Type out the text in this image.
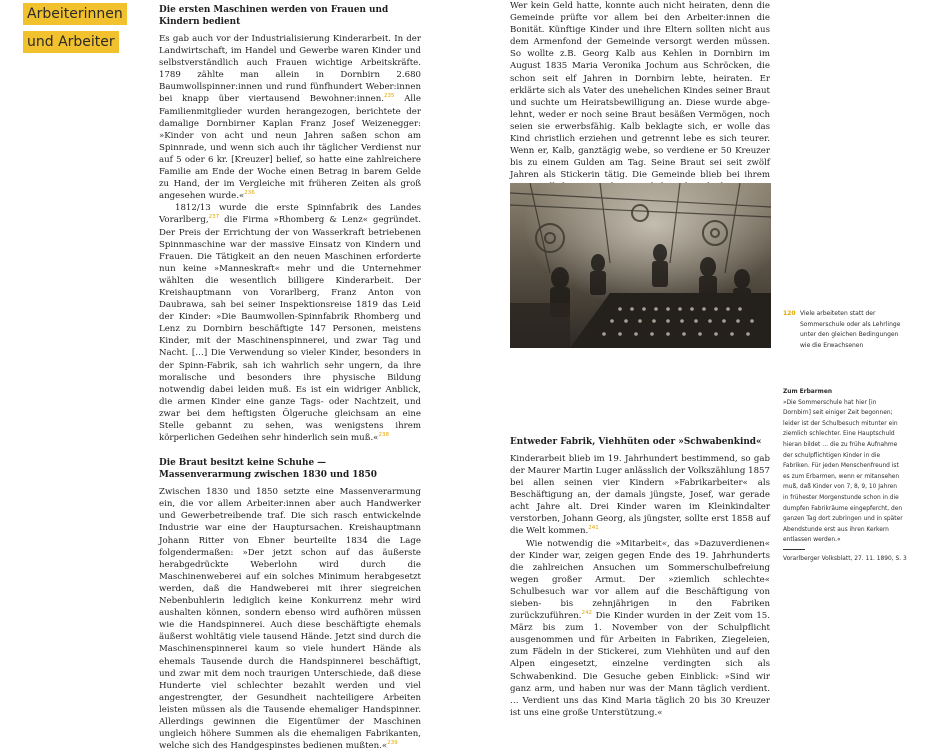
Arbeiterinnen
und Arbeiter
Die ersten Maschinen werden von Frauen und Kindern bedient

Es gab auch vor der Industrialisierung Kinderarbeit. In der Landwirtschaft, im Handel und Gewerbe waren Kinder und selbstverständlich auch Frauen wichtige Arbeitskräfte. 1789 zählte man allein in Dornbirn 2.680 Baumwollspinner:innen und rund fünfhundert Weber:innen bei knapp über viertausend Bewohner:innen.$^{235}$ Alle Familienmitglieder wurden herangezogen, berichtete der damalige Dornbirner Kaplan Franz Josef Weizenegger: »Kinder von acht und neun Jahren saßen schon am Spinnrade, und wenn sich auch ihr täglicher Verdienst nur auf 5 oder 6 kr. [Kreuzer] belief, so hatte eine zahlreichere Familie am Ende der Woche einen Betrag in barem Gelde zu Hand, der im Vergleiche mit früheren Zeiten als groß angesehen wurde.«$^{236}$

1812/13 wurde die erste Spinnfabrik des Landes Vorarlberg,$^{237}$ die Firma »Rhomberg & Lenz« gegründet. Der Preis der Errichtung der von Wasserkraft betriebenen Spinnmaschine war der massive Einsatz von Kindern und Frauen. Die Tätigkeit an den neuen Maschinen erforderte nun keine »Manneskraft« mehr und die Unternehmer wählten die wesentlich billigere Kinderarbeit. Der Kreishauptmann von Vorarlberg, Franz Anton von Daubrawa, sah bei seiner Inspektionsreise 1819 das Leid der Kinder: »Die Baumwollen-Spinnfabrik Rhomberg und Lenz zu Dornbirn beschäftigte 147 Personen, meistens Kinder, mit der Maschinenspinnerei, und zwar Tag und Nacht. […] Die Verwendung so vieler Kinder, besonders in der Spinn-Fabrik, sah ich wahrlich sehr ungern, da ihre moralische und besonders ihre physische Bildung notwendig dabei leiden muß. Es ist ein widriger Anblick, die armen Kinder eine ganze Tags- oder Nachtzeit, und zwar bei dem heftigsten Ölgeruche gleichsam an eine Stelle gebannt zu sehen, was wenigstens ihrem körperlichen Gedeihen sehr hinderlich sein muß.«$^{238}$

Die Braut besitzt keine Schuhe — Massenverarmung zwischen 1830 und 1850

Zwischen 1830 und 1850 setzte eine Massenverarmung ein, die vor allem Arbeiter:innen aber auch Handwerker und Gewerbetreibende traf. Die sich rasch entwickelnde Industrie war eine der Hauptursachen. Kreishauptmann Johann Ritter von Ebner beurteilte 1834 die Lage folgendermaßen: »Der jetzt schon auf das äußerste herabgedrückte Weberlohn wird durch die Maschinenweberei auf ein solches Minimum herabgesetzt werden, daß die Handweberei mit ihrer siegreichen Nebenbuhlerin lediglich keine Konkurrenz mehr wird aushalten können, sondern ebenso wird aufhören müssen wie die Handspinnerei. Auch diese beschäftigte ehemals äußerst wohltätig viele tausend Hände. Jetzt sind durch die Maschinenspinnerei kaum so viele hundert Hände als ehemals Tausende durch die Handspinnerei beschäftigt, und zwar mit dem noch traurigen Unterschiede, daß diese Hunderte viel schlechter bezahlt werden und viel angestrengter, der Gesundheit nachteiligere Arbeiten leisten müssen als die Tausende ehemaliger Handspinner. Allerdings gewinnen die Eigentümer der Maschinen ungleich höhere Summen als die ehemaligen Fabrikanten, welche sich des Handgespinstes bedienen mußten.«$^{239}$

Wer kein Geld hatte, konnte auch nicht heiraten, denn die Gemeinde prüfte vor allem bei den Arbeiter:innen die Bonität. Künftige Kinder und ihre Eltern sollten nicht aus dem Armenfond der Gemeinde versorgt werden müssen. So wollte z.B. Georg Kalb aus Kehlen in Dornbirn im August 1835 Maria Veronika Jochum aus Schröcken, die schon seit elf Jahren in Dornbirn lebte, heiraten. Er erklärte sich als Vater des unehelichen Kindes seiner Braut und suchte um Heiratsbewilligung an. Diese wurde abgelehnt, weder er noch seine Braut besäßen Vermögen, noch seien sie erwerbsfähig. Kalb beklagte sich, er wolle das Kind christlich erziehen und getrennt lebe es sich teurer. Wenn er, Kalb, ganztägig webe, so verdiene er 50 Kreuzer bis zu einem Gulden am Tag. Seine Braut sei seit zwölf Jahren als Stickerin tätig. Die Gemeinde blieb bei ihrem

Entweder Fabrik, Viehhüten oder »Schwabenkind«

Kinderarbeit blieb im 19. Jahrhundert bestimmend, so gab der Maurer Martin Luger anlässlich der Volkszählung 1857 bei allen seinen vier Kindern »Fabrikarbeiter« als Beschäftigung an, der damals jüngste, Josef, war gerade acht Jahre alt. Drei Kinder waren im Kleinkindalter verstorben, Johann Georg, als jüngster, sollte erst 1858 auf die Welt kommen.$^{241}$

Wie notwendig die »Mitarbeit«, das »Dazuverdienen« der Kinder war, zeigen gegen Ende des 19. Jahrhunderts die zahlreichen Ansuchen um Sommerschulbefreiung wegen großer Armut. Der »ziemlich schlechte« Schulbesuch war vor allem auf die Beschäftigung von sieben- bis zehnjährigen in den Fabriken zurückzuführen.$^{242}$ Die Kinder wurden in der Zeit vom 15. März bis zum 1. November von der Schulpflicht ausgenommen und für Arbeiten in Fabriken, Ziegeleien, zum Fädeln in der Stickerei, zum Viehhüten und auf den Alpen eingesetzt, einzelne verdingten sich als Schwabenkind. Die Gesuche geben Einblick: »Sind wir ganz arm, und haben nur was der Mann täglich verdient. … Verdient uns das Kind Maria täglich 20 bis 30 Kreuzer ist uns eine große Unterstützung.«

120 Viele arbeiteten statt der Sommerschule oder als Lehrlinge unter den gleichen Bedingungen wie die Erwachsenen
Zum Erbarmen
»Die Sommerschule hat hier [in Dornbirn] seit einiger Zeit begonnen; leider ist der Schulbesuch mitunter ein ziemlich schlechter. Eine Hauptschuld hieran bildet … die zu frühe Aufnahme der schulpflichtigen Kinder in die Fabriken. Für jeden Menschenfreund ist es zum Erbarmen, wenn er mitansehen muß, daß Kinder von 7, 8, 9, 10 Jahren in frühester Morgenstunde schon in die dumpfen Fabrikräume eingepfercht, den ganzen Tag dort zubringen und in später Abendstunde erst aus ihren Kerkern entlassen werden.«
Vorarlberger Volksblatt, 27. 11. 1890, S. 3
